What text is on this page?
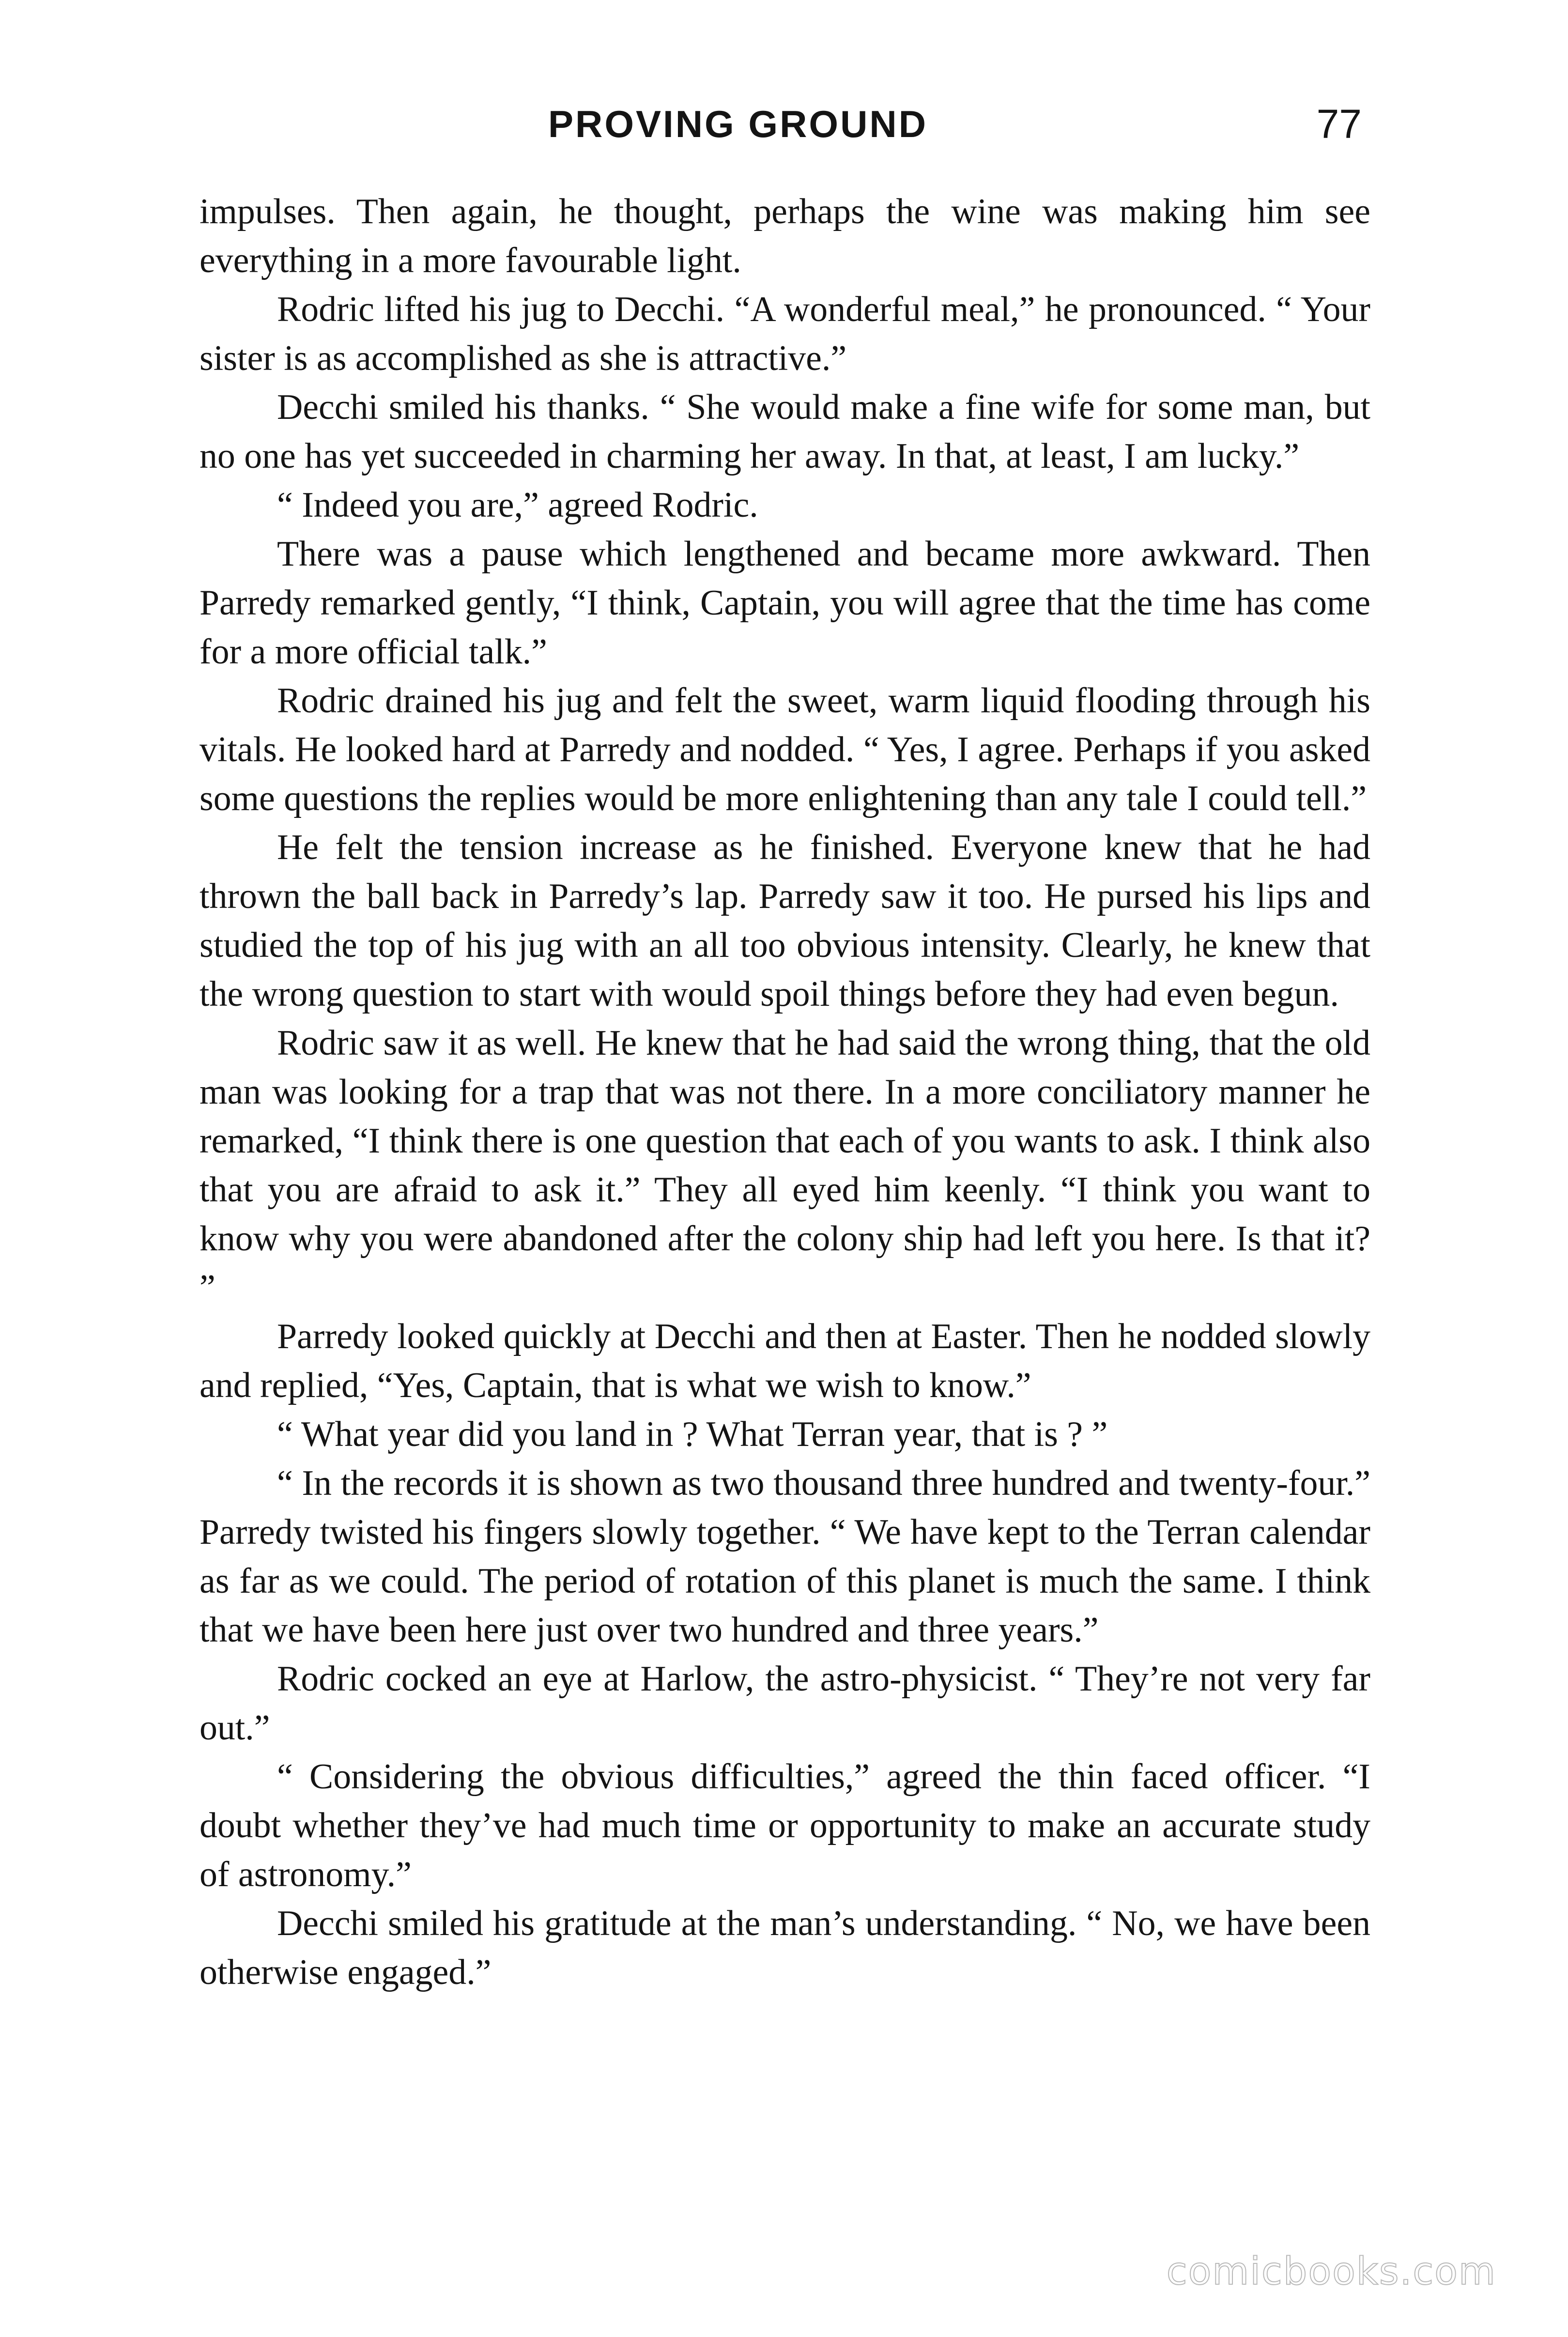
PROVING GROUND	77

impulses. Then again, he thought, perhaps the wine was making him see everything in a more favourable light.

Rodric lifted his jug to Decchi. “A wonderful meal,” he pronounced. “ Your sister is as accomplished as she is attractive.”

Decchi smiled his thanks. “ She would make a fine wife for some man, but no one has yet succeeded in charming her away. In that, at least, I am lucky.”

“ Indeed you are,” agreed Rodric.

There was a pause which lengthened and became more awkward. Then Parredy remarked gently, “I think, Captain, you will agree that the time has come for a more official talk.”

Rodric drained his jug and felt the sweet, warm liquid flooding through his vitals. He looked hard at Parredy and nodded. “ Yes, I agree. Perhaps if you asked some questions the replies would be more enlightening than any tale I could tell.”

He felt the tension increase as he finished. Everyone knew that he had thrown the ball back in Parredy’s lap. Parredy saw it too. He pursed his lips and studied the top of his jug with an all too obvious intensity. Clearly, he knew that the wrong question to start with would spoil things before they had even begun.

Rodric saw it as well. He knew that he had said the wrong thing, that the old man was looking for a trap that was not there. In a more conciliatory manner he remarked, “I think there is one question that each of you wants to ask. I think also that you are afraid to ask it.” They all eyed him keenly. “I think you want to know why you were abandoned after the colony ship had left you here. Is that it? ”

Parredy looked quickly at Decchi and then at Easter. Then he nodded slowly and replied, “Yes, Captain, that is what we wish to know.”

“ What year did you land in ? What Terran year, that is ? ”

“ In the records it is shown as two thousand three hundred and twenty-four.” Parredy twisted his fingers slowly together. “ We have kept to the Terran calendar as far as we could. The period of rotation of this planet is much the same. I think that we have been here just over two hundred and three years.”

Rodric cocked an eye at Harlow, the astro-physicist. “ They’re not very far out.”

“ Considering the obvious difficulties,” agreed the thin faced officer. “I doubt whether they’ve had much time or opportunity to make an accurate study of astronomy.”

Decchi smiled his gratitude at the man’s understanding. “ No, we have been otherwise engaged.”

comicbooks.com
